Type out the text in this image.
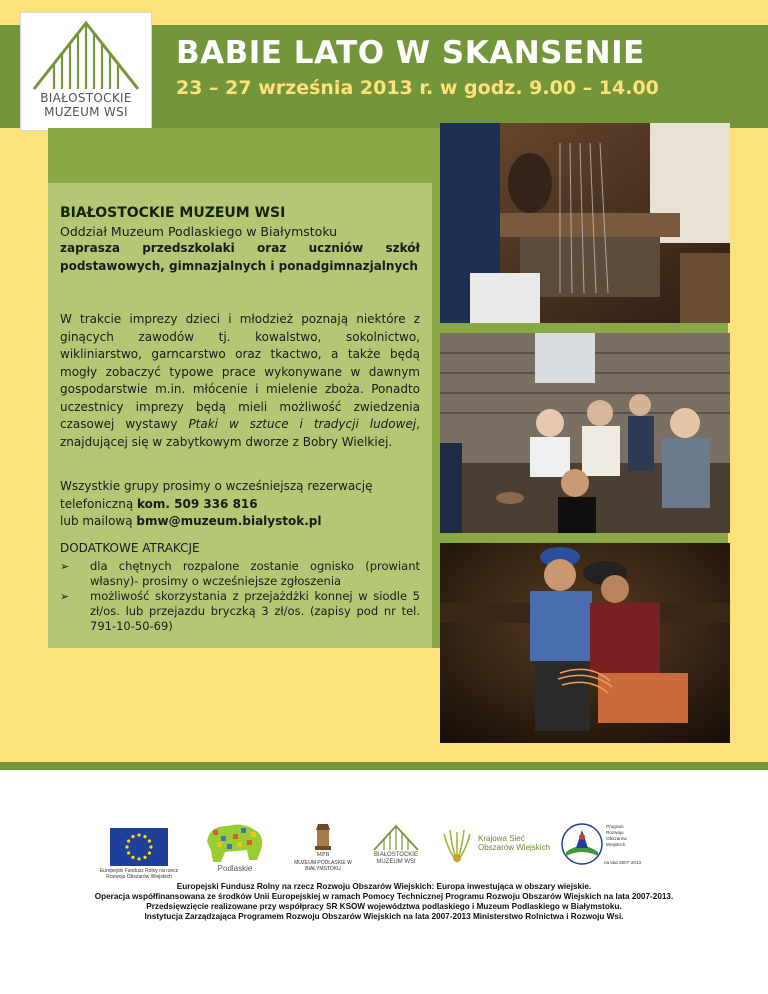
BIAŁOSTOCKIE
MUZEUM WSI
BABIE LATO W SKANSENIE
23 – 27 września 2013 r. w godz. 9.00 – 14.00
BIAŁOSTOCKIE MUZEUM WSI
Oddział Muzeum Podlaskiego w Białymstoku
zaprasza przedszkolaki oraz uczniów szkół podstawowych, gimnazjalnych i ponadgimnazjalnych
W trakcie imprezy dzieci i młodzież poznają niektóre z ginących zawodów tj. kowalstwo, sokolnictwo, wikliniarstwo, garncarstwo oraz tkactwo, a także będą mogły zobaczyć typowe prace wykonywane w dawnym gospodarstwie m.in. młócenie i mielenie zboża. Ponadto uczestnicy imprezy będą mieli możliwość zwiedzenia czasowej wystawy Ptaki w sztuce i tradycji ludowej, znajdującej się w zabytkowym dworze z Bobry Wielkiej.
Wszystkie grupy prosimy o wcześniejszą rezerwację telefoniczną kom. 509 336 816
lub mailową bmw@muzeum.bialystok.pl
DODATKOWE ATRAKCJE
➢ dla chętnych rozpalone zostanie ognisko (prowiant własny)- prosimy o wcześniejsze zgłoszenia
➢ możliwość skorzystania z przejażdżki konnej w siodle 5 zł/os. lub przejazdu bryczką 3 zł/os. (zapisy pod nr tel. 791-10-50-69)
Europejski Fundusz Rolny na rzecz Rozwoju Obszarów Wiejskich
Podlaskie
MPB
MUZEUM PODLASKIE W BIAŁYMSTOKU
BIAŁOSTOCKIE
MUZEUM WSI
Krajowa Sieć
Obszarów Wiejskich
Program Rozwoju Obszarów Wiejskich
na lata 2007-2013
Europejski Fundusz Rolny na rzecz Rozwoju Obszarów Wiejskich: Europa inwestująca w obszary wiejskie.
Operacja współfinansowana ze środków Unii Europejskiej w ramach Pomocy Technicznej Programu Rozwoju Obszarów Wiejskich na lata 2007-2013.
Przedsięwzięcie realizowane przy współpracy SR KSOW województwa podlaskiego i Muzeum Podlaskiego w Białymstoku.
Instytucja Zarządzająca Programem Rozwoju Obszarów Wiejskich na lata 2007-2013 Ministerstwo Rolnictwa i Rozwoju Wsi.
